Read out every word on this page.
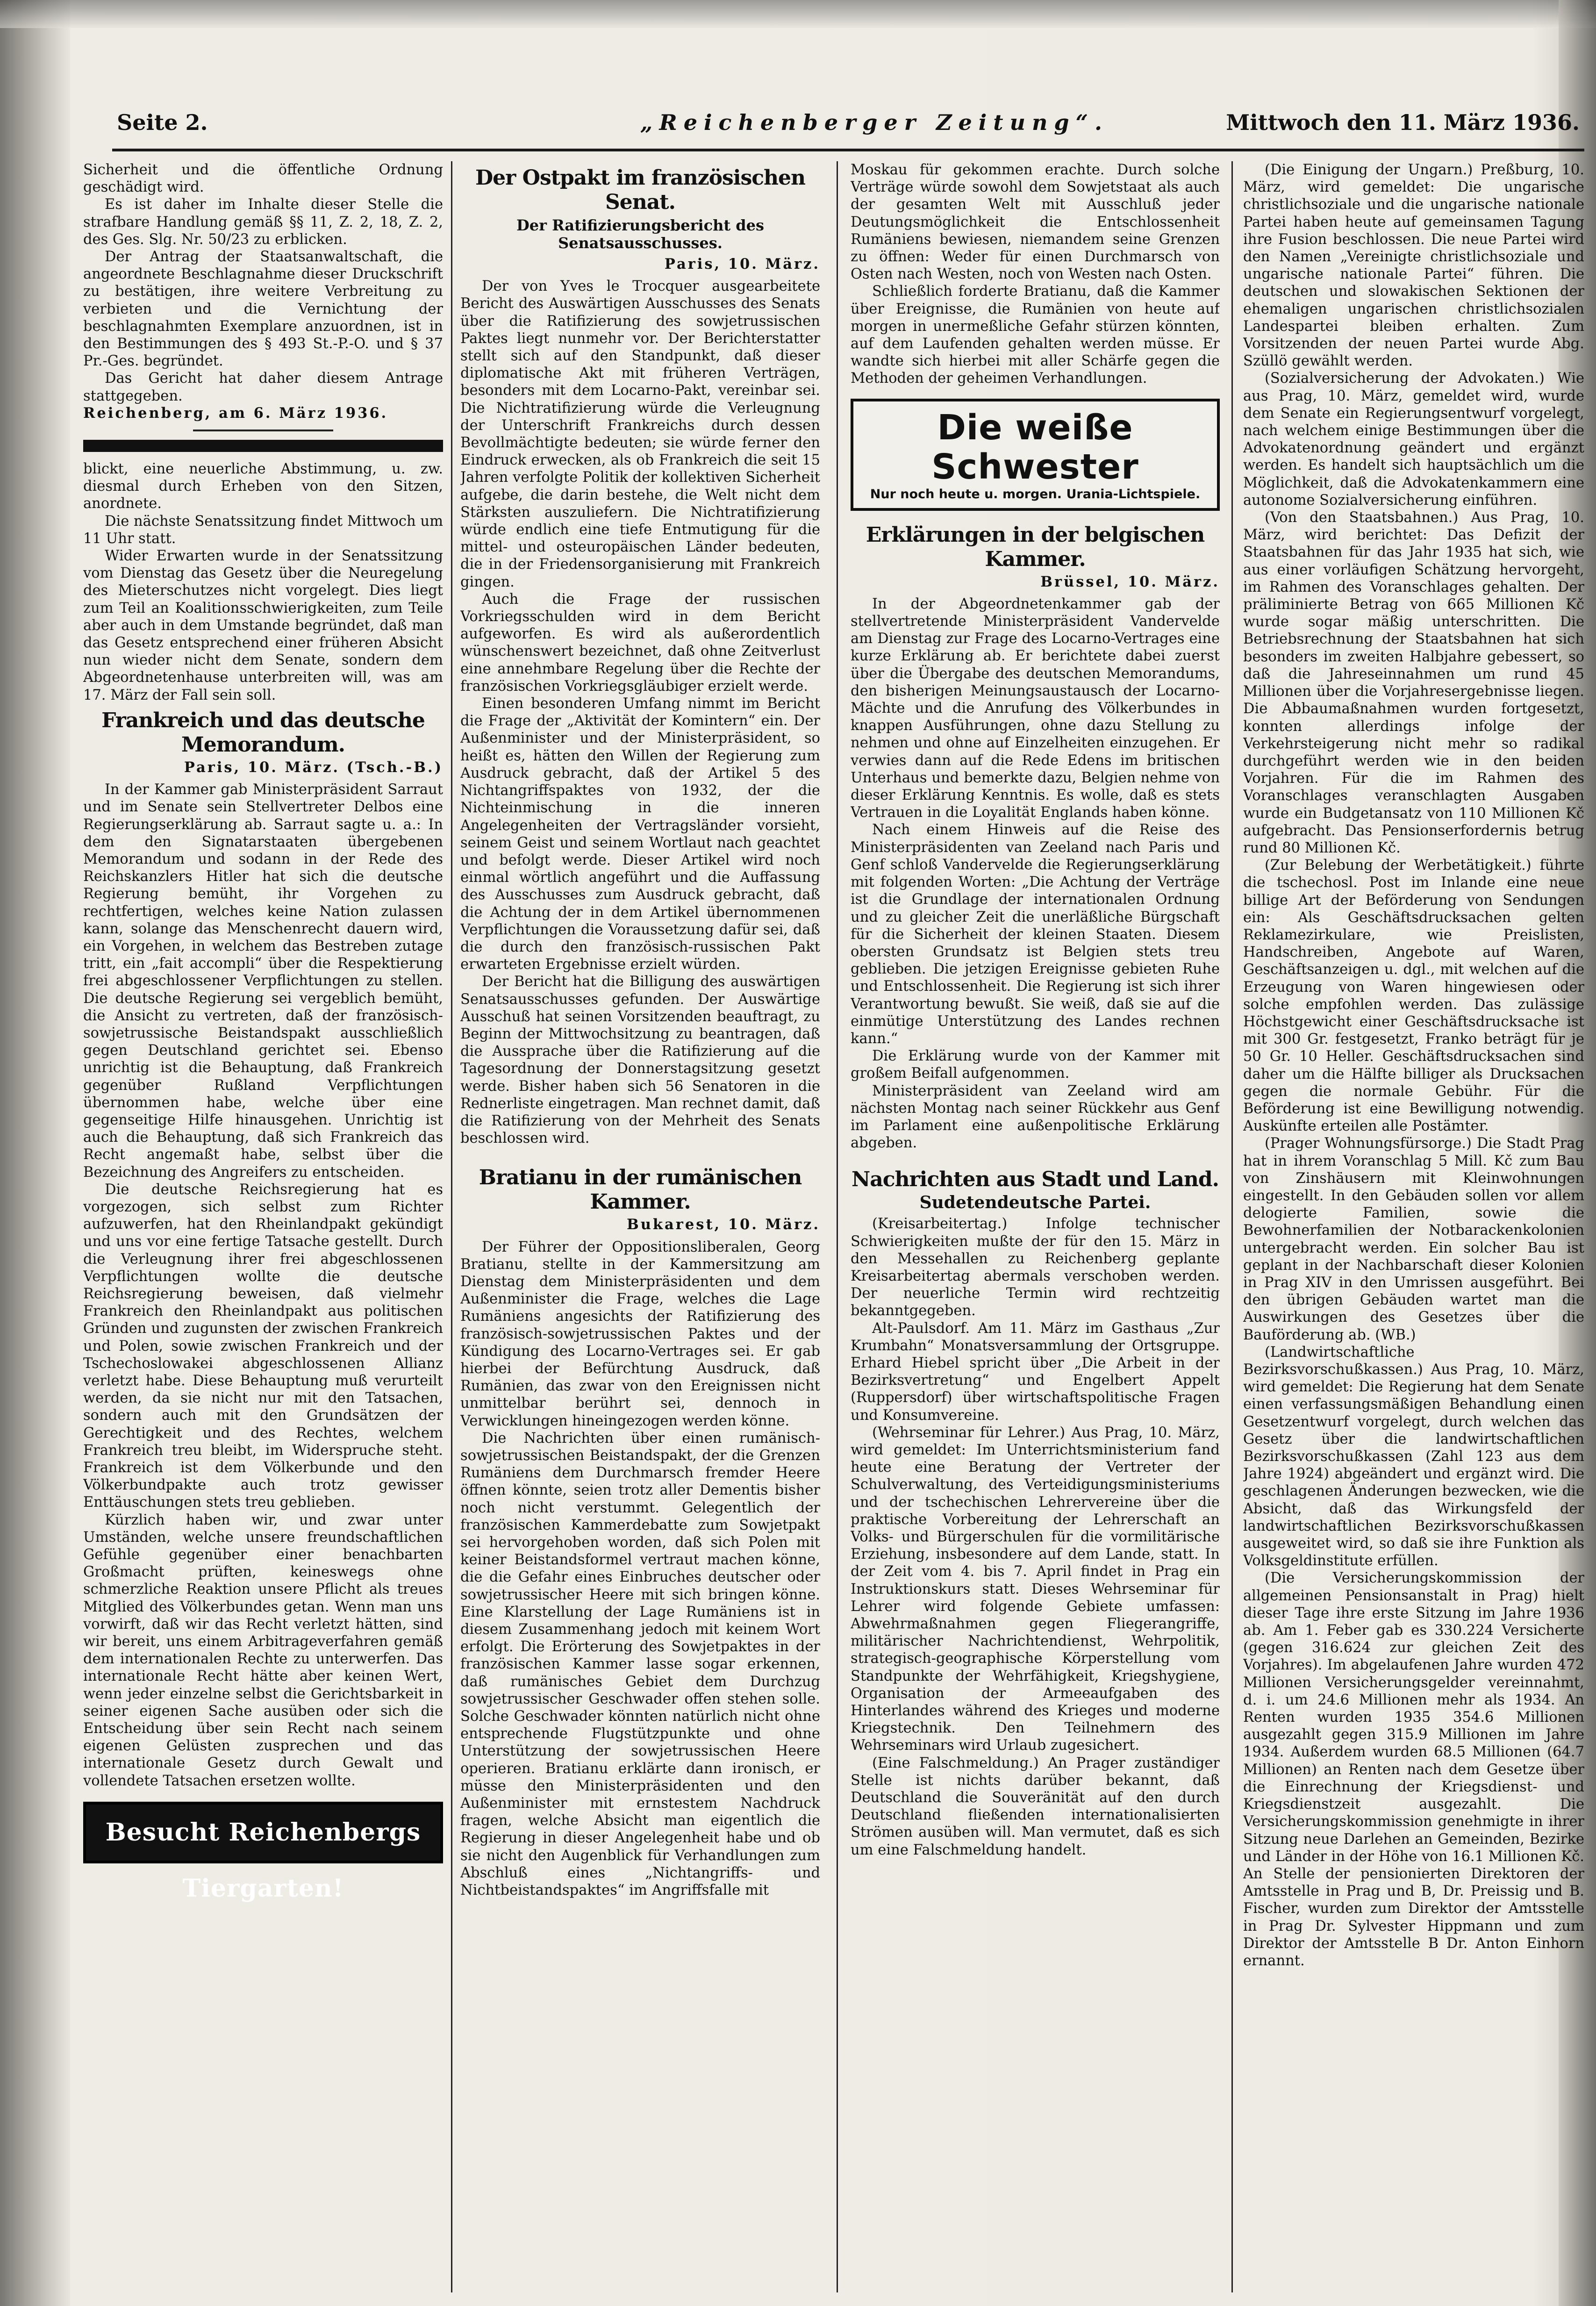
Seite 2.	„Reichenberger Zeitung“.	Mittwoch den 11. März 1936.

Sicherheit und die öffentliche Ordnung geschädigt wird.

Es ist daher im Inhalte dieser Stelle die strafbare Handlung gemäß §§ 11, Z. 2, 18, Z. 2, des Ges. Slg. Nr. 50/23 zu erblicken.

Der Antrag der Staatsanwaltschaft, die angeordnete Beschlagnahme dieser Druckschrift zu bestätigen, ihre weitere Verbreitung zu verbieten und die Vernichtung der beschlagnahmten Exemplare anzuordnen, ist in den Bestimmungen des § 493 St.-P.-O. und § 37 Pr.-Ges. begründet.

Das Gericht hat daher diesem Antrage stattgegeben.

Reichenberg, am 6. März 1936.

blickt, eine neuerliche Abstimmung, u. zw. diesmal durch Erheben von den Sitzen, anordnete.

Die nächste Senatssitzung findet Mittwoch um 11 Uhr statt.

Wider Erwarten wurde in der Senatssitzung vom Dienstag das Gesetz über die Neuregelung des Mieterschutzes nicht vorgelegt. Dies liegt zum Teil an Koalitionsschwierigkeiten, zum Teile aber auch in dem Umstande begründet, daß man das Gesetz entsprechend einer früheren Absicht nun wieder nicht dem Senate, sondern dem Abgeordnetenhause unterbreiten will, was am 17. März der Fall sein soll.

Frankreich und das deutsche Memorandum.
Paris, 10. März. (Tsch.-B.)

In der Kammer gab Ministerpräsident Sarraut und im Senate sein Stellvertreter Delbos eine Regierungserklärung ab. Sarraut sagte u. a.: In dem den Signatarstaaten übergebenen Memorandum und sodann in der Rede des Reichskanzlers Hitler hat sich die deutsche Regierung bemüht, ihr Vorgehen zu rechtfertigen, welches keine Nation zulassen kann, solange das Menschenrecht dauern wird, ein Vorgehen, in welchem das Bestreben zutage tritt, ein „fait accompli“ über die Respektierung frei abgeschlossener Verpflichtungen zu stellen. Die deutsche Regierung sei vergeblich bemüht, die Ansicht zu vertreten, daß der französisch-sowjetrussische Beistandspakt ausschließlich gegen Deutschland gerichtet sei. Ebenso unrichtig ist die Behauptung, daß Frankreich gegenüber Rußland Verpflichtungen übernommen habe, welche über eine gegenseitige Hilfe hinausgehen. Unrichtig ist auch die Behauptung, daß sich Frankreich das Recht angemaßt habe, selbst über die Bezeichnung des Angreifers zu entscheiden.

Die deutsche Reichsregierung hat es vorgezogen, sich selbst zum Richter aufzuwerfen, hat den Rheinlandpakt gekündigt und uns vor eine fertige Tatsache gestellt. Durch die Verleugnung ihrer frei abgeschlossenen Verpflichtungen wollte die deutsche Reichsregierung beweisen, daß vielmehr Frankreich den Rheinlandpakt aus politischen Gründen und zugunsten der zwischen Frankreich und Polen, sowie zwischen Frankreich und der Tschechoslowakei abgeschlossenen Allianz verletzt habe. Diese Behauptung muß verurteilt werden, da sie nicht nur mit den Tatsachen, sondern auch mit den Grundsätzen der Gerechtigkeit und des Rechtes, welchem Frankreich treu bleibt, im Widerspruche steht. Frankreich ist dem Völkerbunde und den Völkerbundpakte auch trotz gewisser Enttäuschungen stets treu geblieben.

Kürzlich haben wir, und zwar unter Umständen, welche unsere freundschaftlichen Gefühle gegenüber einer benachbarten Großmacht prüften, keineswegs ohne schmerzliche Reaktion unsere Pflicht als treues Mitglied des Völkerbundes getan. Wenn man uns vorwirft, daß wir das Recht verletzt hätten, sind wir bereit, uns einem Arbitrageverfahren gemäß dem internationalen Rechte zu unterwerfen. Das internationale Recht hätte aber keinen Wert, wenn jeder einzelne selbst die Gerichtsbarkeit in seiner eigenen Sache ausüben oder sich die Entscheidung über sein Recht nach seinem eigenen Gelüsten zusprechen und das internationale Gesetz durch Gewalt und vollendete Tatsachen ersetzen wollte.

Besucht Reichenbergs Tiergarten!
Der Ostpakt im französischen Senat.
Der Ratifizierungsbericht des Senatsausschusses.
Paris, 10. März.

Der von Yves le Trocquer ausgearbeitete Bericht des Auswärtigen Ausschusses des Senats über die Ratifizierung des sowjetrussischen Paktes liegt nunmehr vor. Der Berichterstatter stellt sich auf den Standpunkt, daß dieser diplomatische Akt mit früheren Verträgen, besonders mit dem Locarno-Pakt, vereinbar sei. Die Nichtratifizierung würde die Verleugnung der Unterschrift Frankreichs durch dessen Bevollmächtigte bedeuten; sie würde ferner den Eindruck erwecken, als ob Frankreich die seit 15 Jahren verfolgte Politik der kollektiven Sicherheit aufgebe, die darin bestehe, die Welt nicht dem Stärksten auszuliefern. Die Nichtratifizierung würde endlich eine tiefe Entmutigung für die mittel- und osteuropäischen Länder bedeuten, die in der Friedensorganisierung mit Frankreich gingen.

Auch die Frage der russischen Vorkriegsschulden wird in dem Bericht aufgeworfen. Es wird als außerordentlich wünschenswert bezeichnet, daß ohne Zeitverlust eine annehmbare Regelung über die Rechte der französischen Vorkriegsgläubiger erzielt werde.

Einen besonderen Umfang nimmt im Bericht die Frage der „Aktivität der Komintern“ ein. Der Außenminister und der Ministerpräsident, so heißt es, hätten den Willen der Regierung zum Ausdruck gebracht, daß der Artikel 5 des Nichtangriffspaktes von 1932, der die Nichteinmischung in die inneren Angelegenheiten der Vertragsländer vorsieht, seinem Geist und seinem Wortlaut nach geachtet und befolgt werde. Dieser Artikel wird noch einmal wörtlich angeführt und die Auffassung des Ausschusses zum Ausdruck gebracht, daß die Achtung der in dem Artikel übernommenen Verpflichtungen die Voraussetzung dafür sei, daß die durch den französisch-russischen Pakt erwarteten Ergebnisse erzielt würden.

Der Bericht hat die Billigung des auswärtigen Senatsausschusses gefunden. Der Auswärtige Ausschuß hat seinen Vorsitzenden beauftragt, zu Beginn der Mittwochsitzung zu beantragen, daß die Aussprache über die Ratifizierung auf die Tagesordnung der Donnerstagsitzung gesetzt werde. Bisher haben sich 56 Senatoren in die Rednerliste eingetragen. Man rechnet damit, daß die Ratifizierung von der Mehrheit des Senats beschlossen wird.

Bratianu in der rumänischen Kammer.
Bukarest, 10. März.

Der Führer der Oppositionsliberalen, Georg Bratianu, stellte in der Kammersitzung am Dienstag dem Ministerpräsidenten und dem Außenminister die Frage, welches die Lage Rumäniens angesichts der Ratifizierung des französisch-sowjetrussischen Paktes und der Kündigung des Locarno-Vertrages sei. Er gab hierbei der Befürchtung Ausdruck, daß Rumänien, das zwar von den Ereignissen nicht unmittelbar berührt sei, dennoch in Verwicklungen hineingezogen werden könne.

Die Nachrichten über einen rumänisch-sowjetrussischen Beistandspakt, der die Grenzen Rumäniens dem Durchmarsch fremder Heere öffnen könnte, seien trotz aller Dementis bisher noch nicht verstummt. Gelegentlich der französischen Kammerdebatte zum Sowjetpakt sei hervorgehoben worden, daß sich Polen mit keiner Beistandsformel vertraut machen könne, die die Gefahr eines Einbruches deutscher oder sowjetrussischer Heere mit sich bringen könne. Eine Klarstellung der Lage Rumäniens ist in diesem Zusammenhang jedoch mit keinem Wort erfolgt. Die Erörterung des Sowjetpaktes in der französischen Kammer lasse sogar erkennen, daß rumänisches Gebiet dem Durchzug sowjetrussischer Geschwader offen stehen solle. Solche Geschwader könnten natürlich nicht ohne entsprechende Flugstützpunkte und ohne Unterstützung der sowjetrussischen Heere operieren. Bratianu erklärte dann ironisch, er müsse den Ministerpräsidenten und den Außenminister mit ernstestem Nachdruck fragen, welche Absicht man eigentlich die Regierung in dieser Angelegenheit habe und ob sie nicht den Augenblick für Verhandlungen zum Abschluß eines „Nichtangriffs- und Nichtbeistandspaktes“ im Angriffsfalle mit

Moskau für gekommen erachte. Durch solche Verträge würde sowohl dem Sowjetstaat als auch der gesamten Welt mit Ausschluß jeder Deutungsmöglichkeit die Entschlossenheit Rumäniens bewiesen, niemandem seine Grenzen zu öffnen: Weder für einen Durchmarsch von Osten nach Westen, noch von Westen nach Osten.

Schließlich forderte Bratianu, daß die Kammer über Ereignisse, die Rumänien von heute auf morgen in unermeßliche Gefahr stürzen könnten, auf dem Laufenden gehalten werden müsse. Er wandte sich hierbei mit aller Schärfe gegen die Methoden der geheimen Verhandlungen.

Die weiße Schwester
Nur noch heute u. morgen. Urania-Lichtspiele.
Erklärungen in der belgischen Kammer.
Brüssel, 10. März.

In der Abgeordnetenkammer gab der stellvertretende Ministerpräsident Vandervelde am Dienstag zur Frage des Locarno-Vertrages eine kurze Erklärung ab. Er berichtete dabei zuerst über die Übergabe des deutschen Memorandums, den bisherigen Meinungsaustausch der Locarno-Mächte und die Anrufung des Völkerbundes in knappen Ausführungen, ohne dazu Stellung zu nehmen und ohne auf Einzelheiten einzugehen. Er verwies dann auf die Rede Edens im britischen Unterhaus und bemerkte dazu, Belgien nehme von dieser Erklärung Kenntnis. Es wolle, daß es stets Vertrauen in die Loyalität Englands haben könne.

Nach einem Hinweis auf die Reise des Ministerpräsidenten van Zeeland nach Paris und Genf schloß Vandervelde die Regierungserklärung mit folgenden Worten: „Die Achtung der Verträge ist die Grundlage der internationalen Ordnung und zu gleicher Zeit die unerläßliche Bürgschaft für die Sicherheit der kleinen Staaten. Diesem obersten Grundsatz ist Belgien stets treu geblieben. Die jetzigen Ereignisse gebieten Ruhe und Entschlossenheit. Die Regierung ist sich ihrer Verantwortung bewußt. Sie weiß, daß sie auf die einmütige Unterstützung des Landes rechnen kann.“

Die Erklärung wurde von der Kammer mit großem Beifall aufgenommen.

Ministerpräsident van Zeeland wird am nächsten Montag nach seiner Rückkehr aus Genf im Parlament eine außenpolitische Erklärung abgeben.

Nachrichten aus Stadt und Land.
Sudetendeutsche Partei.

(Kreisarbeitertag.) Infolge technischer Schwierigkeiten mußte der für den 15. März in den Messehallen zu Reichenberg geplante Kreisarbeitertag abermals verschoben werden. Der neuerliche Termin wird rechtzeitig bekanntgegeben.

Alt-Paulsdorf. Am 11. März im Gasthaus „Zur Krumbahn“ Monatsversammlung der Ortsgruppe. Erhard Hiebel spricht über „Die Arbeit in der Bezirksvertretung“ und Engelbert Appelt (Ruppersdorf) über wirtschaftspolitische Fragen und Konsumvereine.

(Wehrseminar für Lehrer.) Aus Prag, 10. März, wird gemeldet: Im Unterrichtsministerium fand heute eine Beratung der Vertreter der Schulverwaltung, des Verteidigungsministeriums und der tschechischen Lehrervereine über die praktische Vorbereitung der Lehrerschaft an Volks- und Bürgerschulen für die vormilitärische Erziehung, insbesondere auf dem Lande, statt. In der Zeit vom 4. bis 7. April findet in Prag ein Instruktionskurs statt. Dieses Wehrseminar für Lehrer wird folgende Gebiete umfassen: Abwehrmaßnahmen gegen Fliegerangriffe, militärischer Nachrichtendienst, Wehrpolitik, strategisch-geographische Körperstellung vom Standpunkte der Wehrfähigkeit, Kriegshygiene, Organisation der Armeeaufgaben des Hinterlandes während des Krieges und moderne Kriegstechnik. Den Teilnehmern des Wehrseminars wird Urlaub zugesichert.

(Eine Falschmeldung.) An Prager zuständiger Stelle ist nichts darüber bekannt, daß Deutschland die Souveränität auf den durch Deutschland fließenden internationalisierten Strömen ausüben will. Man vermutet, daß es sich um eine Falschmeldung handelt.

(Die Einigung der Ungarn.) Preßburg, 10. März, wird gemeldet: Die ungarische christlichsoziale und die ungarische nationale Partei haben heute auf gemeinsamen Tagung ihre Fusion beschlossen. Die neue Partei wird den Namen „Vereinigte christlichsoziale und ungarische nationale Partei“ führen. Die deutschen und slowakischen Sektionen der ehemaligen ungarischen christlichsozialen Landespartei bleiben erhalten. Zum Vorsitzenden der neuen Partei wurde Abg. Szüllö gewählt werden.

(Sozialversicherung der Advokaten.) Wie aus Prag, 10. März, gemeldet wird, wurde dem Senate ein Regierungsentwurf vorgelegt, nach welchem einige Bestimmungen über die Advokatenordnung geändert und ergänzt werden. Es handelt sich hauptsächlich um die Möglichkeit, daß die Advokatenkammern eine autonome Sozialversicherung einführen.

(Von den Staatsbahnen.) Aus Prag, 10. März, wird berichtet: Das Defizit der Staatsbahnen für das Jahr 1935 hat sich, wie aus einer vorläufigen Schätzung hervorgeht, im Rahmen des Voranschlages gehalten. Der präliminierte Betrag von 665 Millionen Kč wurde sogar mäßig unterschritten. Die Betriebsrechnung der Staatsbahnen hat sich besonders im zweiten Halbjahre gebessert, so daß die Jahreseinnahmen um rund 45 Millionen über die Vorjahresergebnisse liegen. Die Abbaumaßnahmen wurden fortgesetzt, konnten allerdings infolge der Verkehrsteigerung nicht mehr so radikal durchgeführt werden wie in den beiden Vorjahren. Für die im Rahmen des Voranschlages veranschlagten Ausgaben wurde ein Budgetansatz von 110 Millionen Kč aufgebracht. Das Pensionserfordernis betrug rund 80 Millionen Kč.

(Zur Belebung der Werbetätigkeit.) führte die tschechosl. Post im Inlande eine neue billige Art der Beförderung von Sendungen ein: Als Geschäftsdrucksachen gelten Reklamezirkulare, wie Preislisten, Handschreiben, Angebote auf Waren, Geschäftsanzeigen u. dgl., mit welchen auf die Erzeugung von Waren hingewiesen oder solche empfohlen werden. Das zulässige Höchstgewicht einer Geschäftsdrucksache ist mit 300 Gr. festgesetzt, Franko beträgt für je 50 Gr. 10 Heller. Geschäftsdrucksachen sind daher um die Hälfte billiger als Drucksachen gegen die normale Gebühr. Für die Beförderung ist eine Bewilligung notwendig. Auskünfte erteilen alle Postämter.

(Prager Wohnungsfürsorge.) Die Stadt Prag hat in ihrem Voranschlag 5 Mill. Kč zum Bau von Zinshäusern mit Kleinwohnungen eingestellt. In den Gebäuden sollen vor allem delogierte Familien, sowie die Bewohnerfamilien der Notbarackenkolonien untergebracht werden. Ein solcher Bau ist geplant in der Nachbarschaft dieser Kolonien in Prag XIV in den Umrissen ausgeführt. Bei den übrigen Gebäuden wartet man die Auswirkungen des Gesetzes über die Bauförderung ab. (WB.)

(Landwirtschaftliche Bezirksvorschußkassen.) Aus Prag, 10. März, wird gemeldet: Die Regierung hat dem Senate einen verfassungsmäßigen Behandlung einen Gesetzentwurf vorgelegt, durch welchen das Gesetz über die landwirtschaftlichen Bezirksvorschußkassen (Zahl 123 aus dem Jahre 1924) abgeändert und ergänzt wird. Die geschlagenen Änderungen bezwecken, wie die Absicht, daß das Wirkungsfeld der landwirtschaftlichen Bezirksvorschußkassen ausgeweitet wird, so daß sie ihre Funktion als Volksgeldinstitute erfüllen.

(Die Versicherungskommission der allgemeinen Pensionsanstalt in Prag) hielt dieser Tage ihre erste Sitzung im Jahre 1936 ab. Am 1. Feber gab es 330.224 Versicherte (gegen 316.624 zur gleichen Zeit des Vorjahres). Im abgelaufenen Jahre wurden 472 Millionen Versicherungsgelder vereinnahmt, d. i. um 24.6 Millionen mehr als 1934. An Renten wurden 1935 354.6 Millionen ausgezahlt gegen 315.9 Millionen im Jahre 1934. Außerdem wurden 68.5 Millionen (64.7 Millionen) an Renten nach dem Gesetze über die Einrechnung der Kriegsdienst- und Kriegsdienstzeit ausgezahlt. Die Versicherungskommission genehmigte in ihrer Sitzung neue Darlehen an Gemeinden, Bezirke und Länder in der Höhe von 16.1 Millionen Kč. An Stelle der pensionierten Direktoren der Amtsstelle in Prag und B, Dr. Preissig und B. Fischer, wurden zum Direktor der Amtsstelle in Prag Dr. Sylvester Hippmann und zum Direktor der Amtsstelle B Dr. Anton Einhorn ernannt.
